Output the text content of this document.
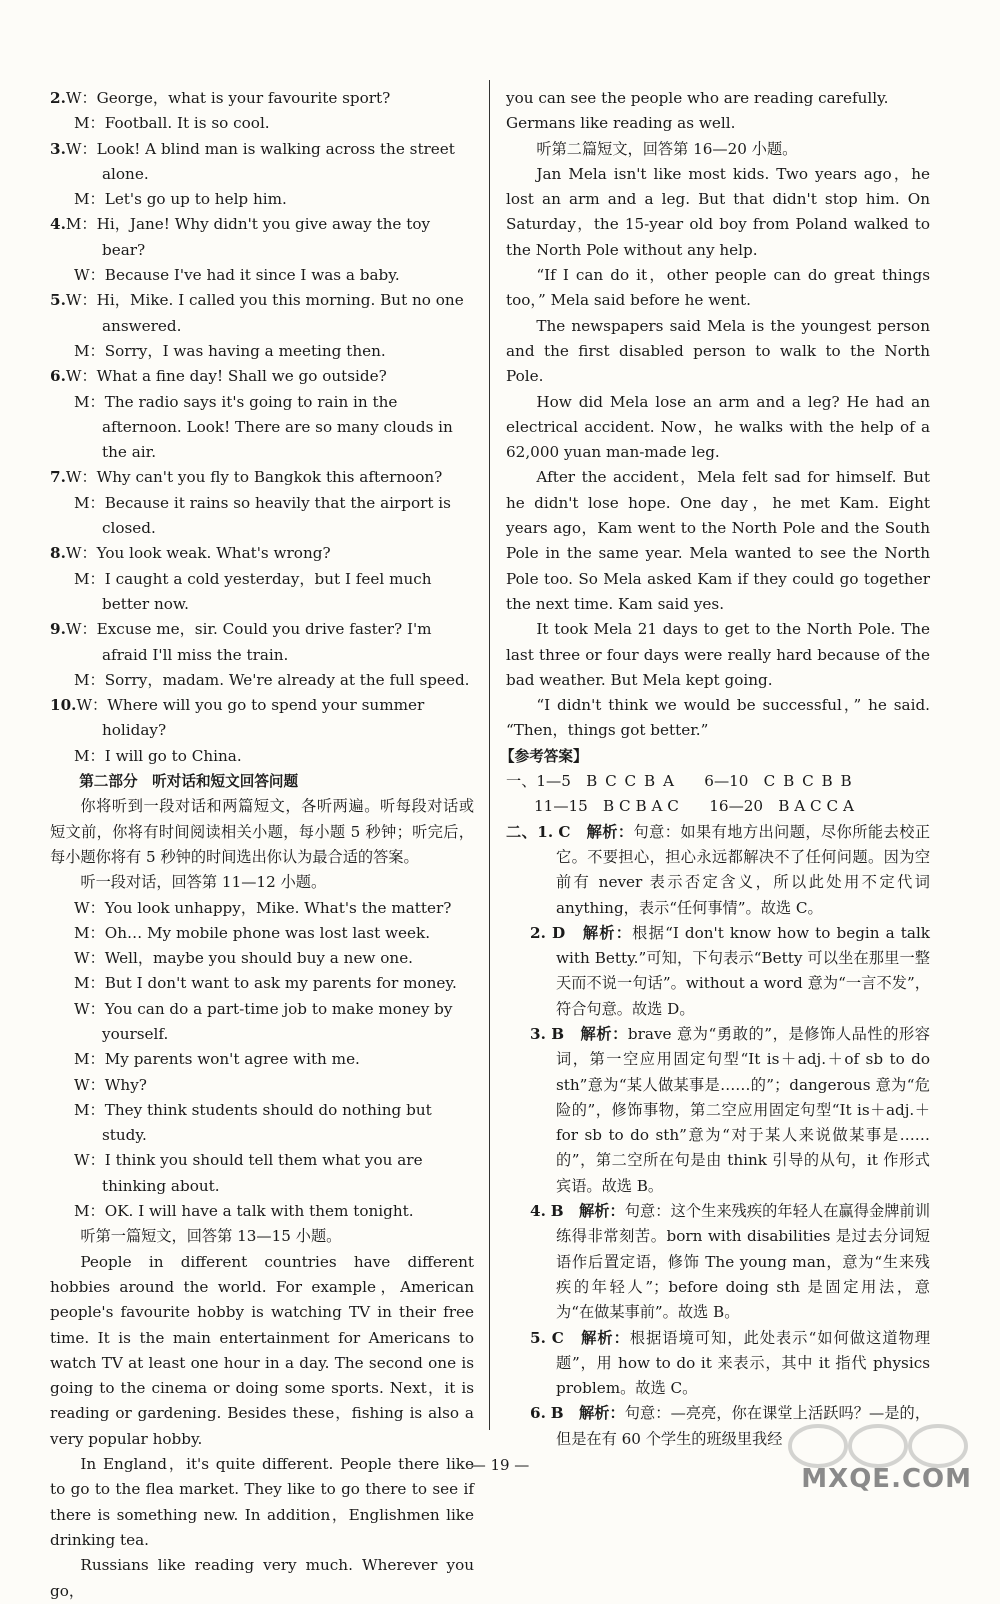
2.W：George，what is your favourite sport?

M：Football. It is so cool.

3.W：Look! A blind man is walking across the street alone.

M：Let's go up to help him.

4.M：Hi，Jane! Why didn't you give away the toy bear?

W：Because I've had it since I was a baby.

5.W：Hi，Mike. I called you this morning. But no one answered.

M：Sorry，I was having a meeting then.

6.W：What a fine day! Shall we go outside?

M：The radio says it's going to rain in the afternoon. Look! There are so many clouds in the air.

7.W：Why can't you fly to Bangkok this afternoon?

M：Because it rains so heavily that the airport is closed.

8.W：You look weak. What's wrong?

M：I caught a cold yesterday，but I feel much better now.

9.W：Excuse me，sir. Could you drive faster? I'm afraid I'll miss the train.

M：Sorry，madam. We're already at the full speed.

10.W：Where will you go to spend your summer holiday?

M：I will go to China.

第二部分　听对话和短文回答问题

你将听到一段对话和两篇短文，各听两遍。听每段对话或短文前，你将有时间阅读相关小题，每小题 5 秒钟；听完后，每小题你将有 5 秒钟的时间选出你认为最合适的答案。

听一段对话，回答第 11—12 小题。

W：You look unhappy，Mike. What's the matter?

M：Oh… My mobile phone was lost last week.

W：Well，maybe you should buy a new one.

M：But I don't want to ask my parents for money.

W：You can do a part-time job to make money by yourself.

M：My parents won't agree with me.

W：Why?

M：They think students should do nothing but study.

W：I think you should tell them what you are thinking about.

M：OK. I will have a talk with them tonight.

听第一篇短文，回答第 13—15 小题。

People in different countries have different hobbies around the world. For example，American people's favourite hobby is watching TV in their free time. It is the main entertainment for Americans to watch TV at least one hour in a day. The second one is going to the cinema or doing some sports. Next，it is reading or gardening. Besides these，fishing is also a very popular hobby.

In England，it's quite different. People there like to go to the flea market. They like to go there to see if there is something new. In addition，Englishmen like drinking tea.

Russians like reading very much. Wherever you go，

you can see the people who are reading carefully. Germans like reading as well.

听第二篇短文，回答第 16—20 小题。

Jan Mela isn't like most kids. Two years ago，he lost an arm and a leg. But that didn't stop him. On Saturday，the 15-year old boy from Poland walked to the North Pole without any help.

“If I can do it，other people can do great things too，” Mela said before he went.

The newspapers said Mela is the youngest person and the first disabled person to walk to the North Pole.

How did Mela lose an arm and a leg? He had an electrical accident. Now，he walks with the help of a 62,000 yuan man-made leg.

After the accident，Mela felt sad for himself. But he didn't lose hope. One day，he met Kam. Eight years ago，Kam went to the North Pole and the South Pole in the same year. Mela wanted to see the North Pole too. So Mela asked Kam if they could go together the next time. Kam said yes.

It took Mela 21 days to get to the North Pole. The last three or four days were really hard because of the bad weather. But Mela kept going.

“I didn't think we would be successful，” he said. “Then，things got better.”

【参考答案】

一、1—5　B C C B A　　6—10　C B C B B

11—15　B C B A C　　16—20　B A C C A

二、1. C　解析：句意：如果有地方出问题，尽你所能去校正它。不要担心，担心永远都解决不了任何问题。因为空前有 never 表示否定含义，所以此处用不定代词 anything，表示“任何事情”。故选 C。

2. D　解析：根据“I don't know how to begin a talk with Betty.”可知，下句表示“Betty 可以坐在那里一整天而不说一句话”。without a word 意为“一言不发”，符合句意。故选 D。

3. B　解析：brave 意为“勇敢的”，是修饰人品性的形容词，第一空应用固定句型“It is＋adj.＋of sb to do sth”意为“某人做某事是……的”；dangerous 意为“危险的”，修饰事物，第二空应用固定句型“It is＋adj.＋for sb to do sth”意为“对于某人来说做某事是……的”，第二空所在句是由 think 引导的从句，it 作形式宾语。故选 B。

4. B　解析：句意：这个生来残疾的年轻人在赢得金牌前训练得非常刻苦。born with disabilities 是过去分词短语作后置定语，修饰 The young man，意为“生来残疾的年轻人”；before doing sth 是固定用法，意为“在做某事前”。故选 B。

5. C　解析：根据语境可知，此处表示“如何做这道物理题”，用 how to do it 来表示，其中 it 指代 physics problem。故选 C。

6. B　解析：句意：—亮亮，你在课堂上活跃吗？—是的，但是在有 60 个学生的班级里我经

— 19 —	MXQE.COM
